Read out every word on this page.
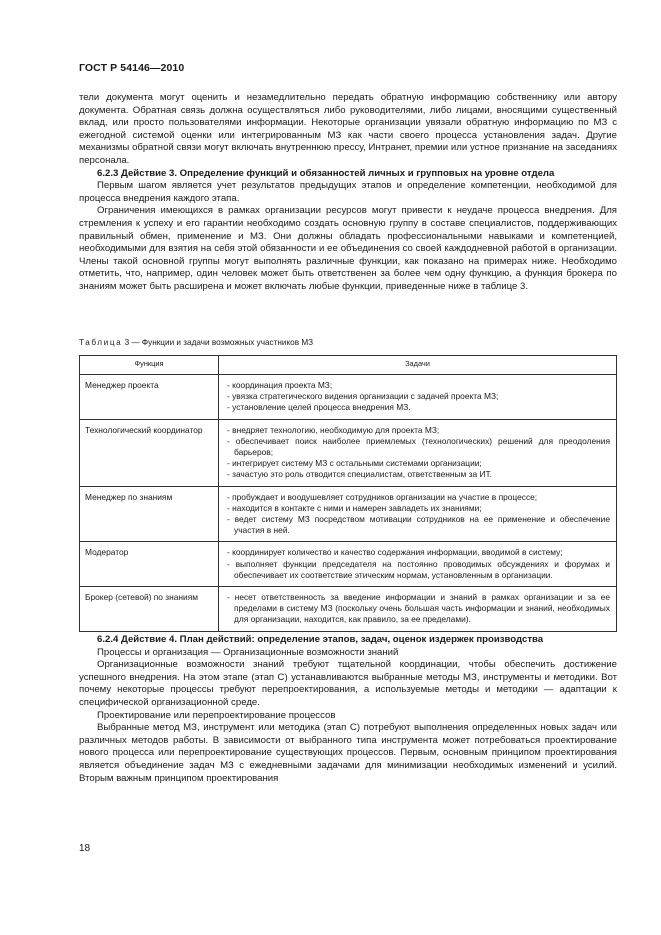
ГОСТ Р 54146—2010

тели документа могут оценить и незамедлительно передать обратную информацию собственнику или автору документа. Обратная связь должна осуществляться либо руководителями, либо лицами, вносящими существенный вклад, или просто пользователями информации. Некоторые организации увязали обратную информацию по МЗ с ежегодной системой оценки или интегрированным МЗ как части своего процесса установления задач. Другие механизмы обратной связи могут включать внутреннюю прессу, Интранет, премии или устное признание на заседаниях персонала.

6.2.3 Действие 3. Определение функций и обязанностей личных и групповых на уровне отдела

Первым шагом является учет результатов предыдущих этапов и определение компетенции, необходимой для процесса внедрения каждого этапа.

Ограничения имеющихся в рамках организации ресурсов могут привести к неудаче процесса внедрения. Для стремления к успеху и его гарантии необходимо создать основную группу в составе специалистов, поддерживающих правильный обмен, применение и МЗ. Они должны обладать профессиональными навыками и компетенцией, необходимыми для взятия на себя этой обязанности и ее объединения со своей каждодневной работой в организации. Члены такой основной группы могут выполнять различные функции, как показано на примерах ниже. Необходимо отметить, что, например, один человек может быть ответственен за более чем одну функцию, а функция брокера по знаниям может быть расширена и может включать любые функции, приведенные ниже в таблице 3.

Таблица 3 — Функции и задачи возможных участников МЗ
Функция	Задачи
Менеджер проекта	- координация проекта МЗ;
- увязка стратегического видения организации с задачей проекта МЗ;
- установление целей процесса внедрения МЗ.

Технологический координатор	- внедряет технологию, необходимую для проекта МЗ;
- обеспечивает поиск наиболее приемлемых (технологических) решений для преодоления барьеров;
- интегрирует систему МЗ с остальными системами организации;
- зачастую это роль отводится специалистам, ответственным за ИТ.

Менеджер по знаниям	- пробуждает и воодушевляет сотрудников организации на участие в процессе;
- находится в контакте с ними и намерен завладеть их знаниями;
- ведет систему МЗ посредством мотивации сотрудников на ее применение и обеспечение участия в ней.

Модератор	- координирует количество и качество содержания информации, вводимой в систему;
- выполняет функции председателя на постоянно проводимых обсуждениях и форумах и обеспечивает их соответствие этическим нормам, установленным в организации.

Брокер (сетевой) по знаниям	- несет ответственность за введение информации и знаний в рамках организации и за ее пределами в систему МЗ (поскольку очень большая часть информации и знаний, необходимых для организации, находится, как правило, за ее пределами).

6.2.4 Действие 4. План действий: определение этапов, задач, оценок издержек производства

Процессы и организация — Организационные возможности знаний

Организационные возможности знаний требуют тщательной координации, чтобы обеспечить достижение успешного внедрения. На этом этапе (этап С) устанавливаются выбранные методы МЗ, инструменты и методики. Вот почему некоторые процессы требуют перепроектирования, а используемые методы и методики — адаптации к специфической организационной среде.

Проектирование или перепроектирование процессов

Выбранные метод МЗ, инструмент или методика (этап С) потребуют выполнения определенных новых задач или различных методов работы. В зависимости от выбранного типа инструмента может потребоваться проектирование нового процесса или перепроектирование существующих процессов. Первым, основным принципом проектирования является объединение задач МЗ с ежедневными задачами для минимизации необходимых изменений и усилий. Вторым важным принципом проектирования

18
